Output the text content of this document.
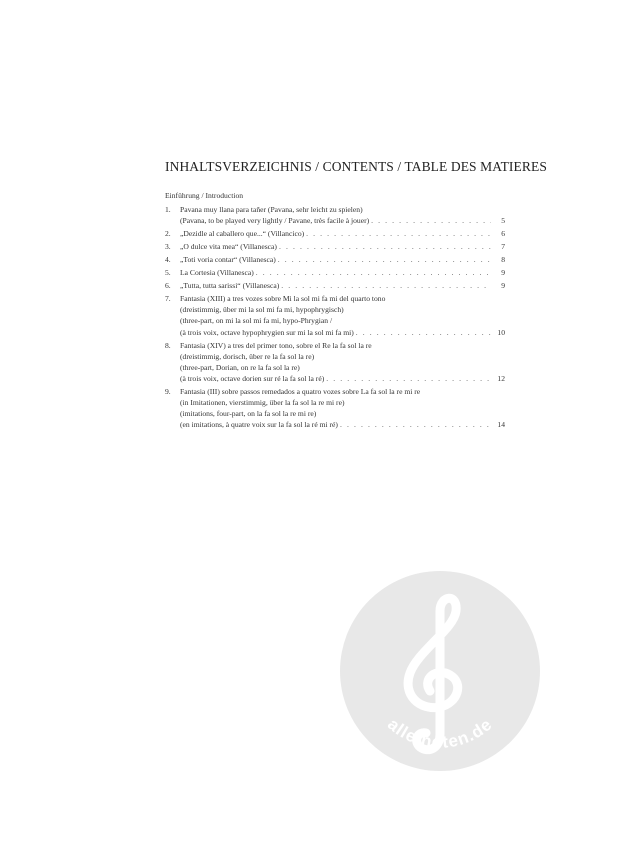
INHALTSVERZEICHNIS / CONTENTS / TABLE DES MATIERES
Einführung / Introduction
1.	Pavana muy llana para tañer (Pavana, sehr leicht zu spielen)
(Pavana, to be played very lightly / Pavane, très facile à jouer) . . .	5
2.	„Dezidle al caballero que...“ (Villancico) . . .	6
3.	„O dulce vita mea“ (Villanesca) . . .	7
4.	„Toti voria contar“ (Villanesca) . . .	8
5.	La Cortesia (Villanesca) . . .	9
6.	„Tutta, tutta sarissi“ (Villanesca) . . .	9
7.	Fantasia (XIII) a tres vozes sobre Mi la sol mi fa mi del quarto tono
(dreistimmig, über mi la sol mi fa mi, hypophrygisch)
(three-part, on mi la sol mi fa mi, hypo-Phrygian /
(à trois voix, octave hypophrygien sur mi la sol mi fa mi) . . .	10
8.	Fantasia (XIV) a tres del primer tono, sobre el Re la fa sol la re
(dreistimmig, dorisch, über re la fa sol la re)
(three-part, Dorian, on re la fa sol la re)
(à trois voix, octave dorien sur ré la fa sol la ré) . . .	12
9.	Fantasia (III) sobre passos remedados a quatro vozes sobre La fa sol la re mi re
(in Imitationen, vierstimmig, über la fa sol la re mi re)
(imitations, four-part, on la fa sol la re mi re)
(en imitations, à quatre voix sur la fa sol la ré mi ré) . . .	14
alle-noten.de
